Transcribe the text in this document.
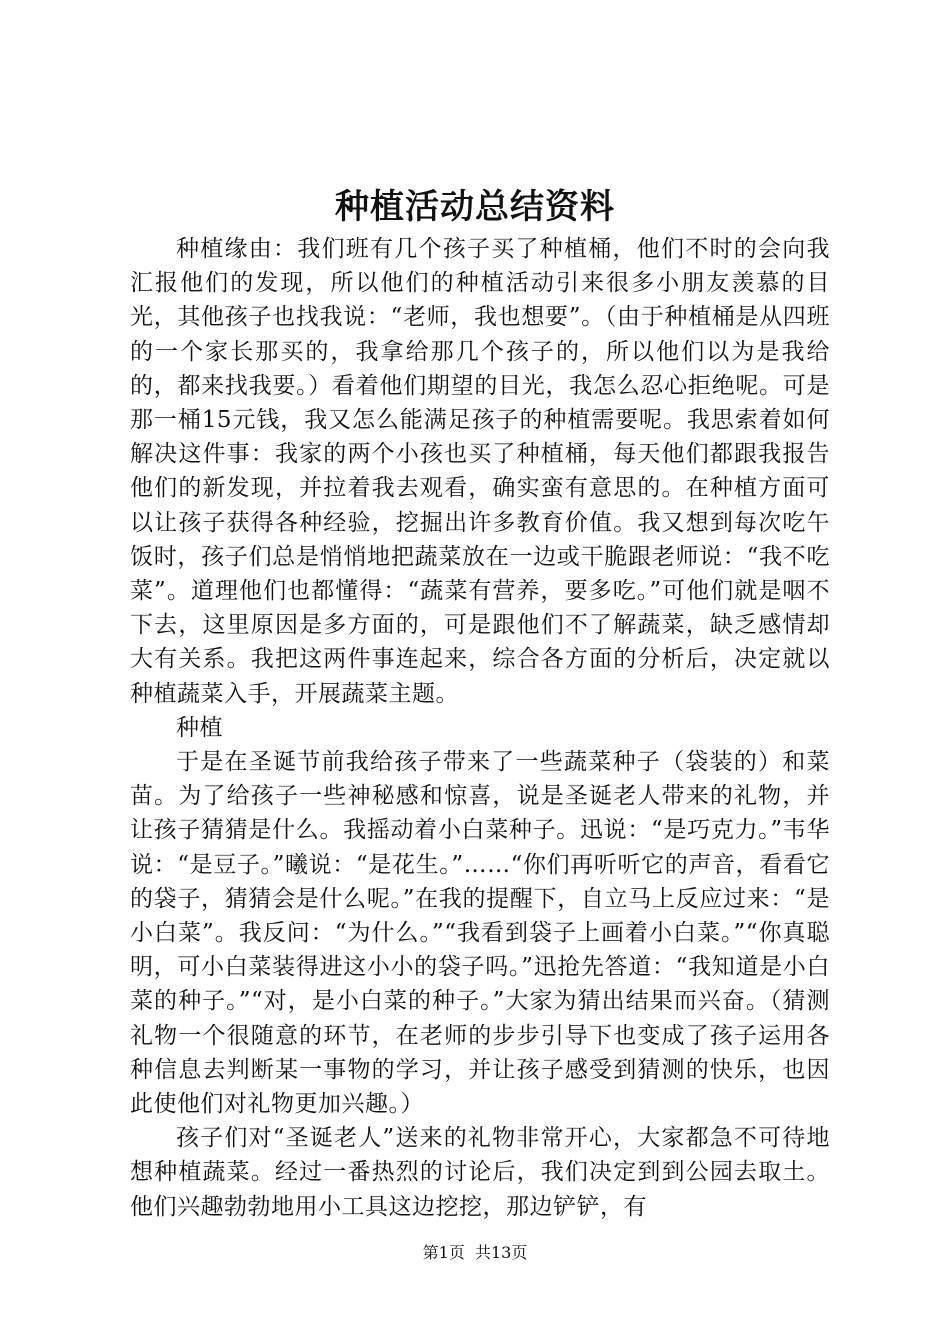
种植活动总结资料

种植缘由：我们班有几个孩子买了种植桶，他们不时的会向我汇报他们的发现，所以他们的种植活动引来很多小朋友羡慕的目光，其他孩子也找我说：“老师，我也想要”。（由于种植桶是从四班的一个家长那买的，我拿给那几个孩子的，所以他们以为是我给的，都来找我要。）看着他们期望的目光，我怎么忍心拒绝呢。可是那一桶15元钱，我又怎么能满足孩子的种植需要呢。我思索着如何解决这件事：我家的两个小孩也买了种植桶，每天他们都跟我报告他们的新发现，并拉着我去观看，确实蛮有意思的。在种植方面可以让孩子获得各种经验，挖掘出许多教育价值。我又想到每次吃午饭时，孩子们总是悄悄地把蔬菜放在一边或干脆跟老师说：“我不吃菜”。道理他们也都懂得：“蔬菜有营养，要多吃。”可他们就是咽不下去，这里原因是多方面的，可是跟他们不了解蔬菜，缺乏感情却大有关系。我把这两件事连起来，综合各方面的分析后，决定就以种植蔬菜入手，开展蔬菜主题。

种植

于是在圣诞节前我给孩子带来了一些蔬菜种子（袋装的）和菜苗。为了给孩子一些神秘感和惊喜，说是圣诞老人带来的礼物，并让孩子猜猜是什么。我摇动着小白菜种子。迅说：“是巧克力。”韦华说：“是豆子。”曦说：“是花生。”……“你们再听听它的声音，看看它的袋子，猜猜会是什么呢。”在我的提醒下，自立马上反应过来：“是小白菜”。我反问：“为什么。”“我看到袋子上画着小白菜。”“你真聪明，可小白菜装得进这小小的袋子吗。”迅抢先答道：“我知道是小白菜的种子。”“对，是小白菜的种子。”大家为猜出结果而兴奋。（猜测礼物一个很随意的环节，在老师的步步引导下也变成了孩子运用各种信息去判断某一事物的学习，并让孩子感受到猜测的快乐，也因此使他们对礼物更加兴趣。）

孩子们对“圣诞老人”送来的礼物非常开心，大家都急不可待地想种植蔬菜。经过一番热烈的讨论后，我们决定到到公园去取土。他们兴趣勃勃地用小工具这边挖挖，那边铲铲，有

第1页  共13页
